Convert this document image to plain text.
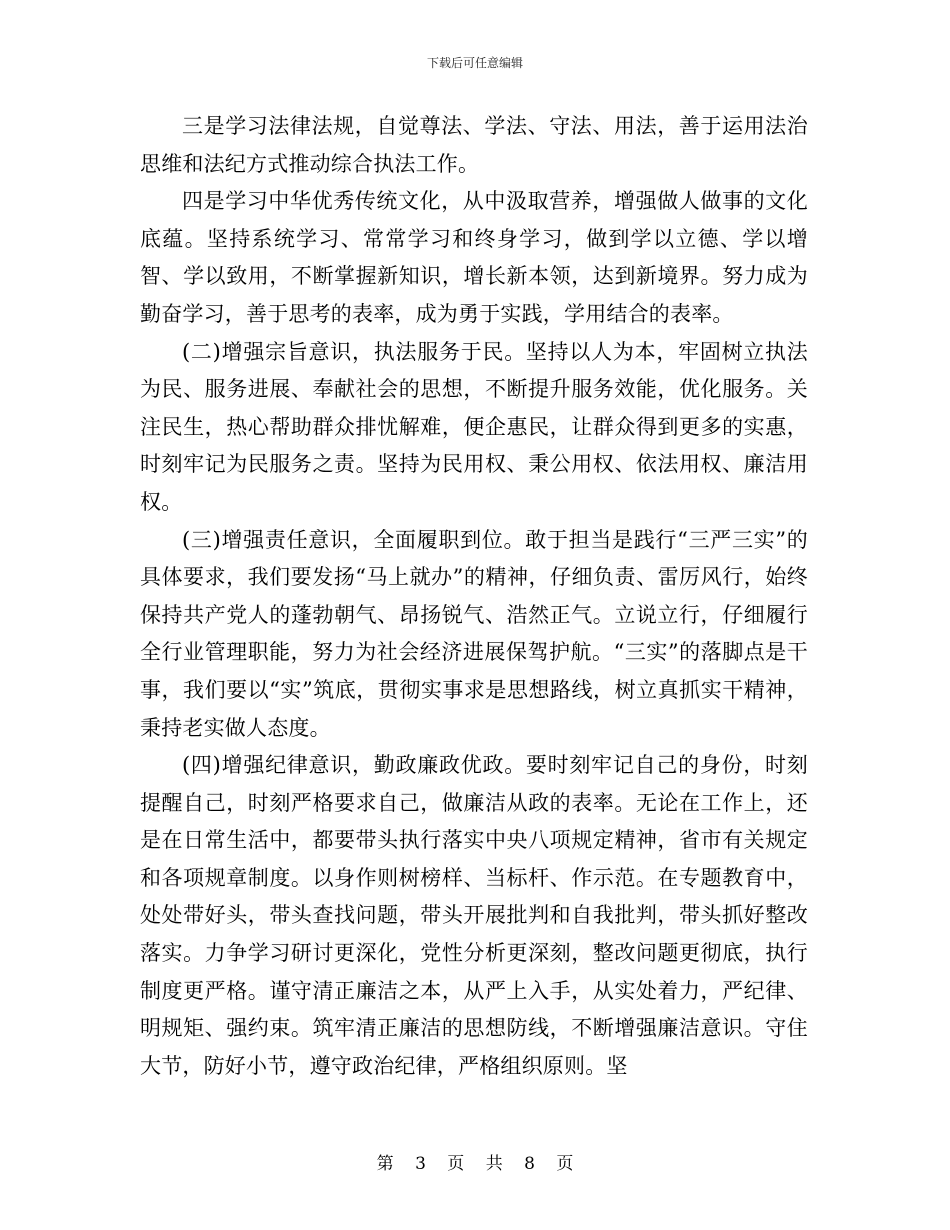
下载后可任意编辑

三是学习法律法规，自觉尊法、学法、守法、用法，善于运用法治思维和法纪方式推动综合执法工作。

四是学习中华优秀传统文化，从中汲取营养，增强做人做事的文化底蕴。坚持系统学习、常常学习和终身学习，做到学以立德、学以增智、学以致用，不断掌握新知识，增长新本领，达到新境界。努力成为勤奋学习，善于思考的表率，成为勇于实践，学用结合的表率。

(二)增强宗旨意识，执法服务于民。坚持以人为本，牢固树立执法为民、服务进展、奉献社会的思想，不断提升服务效能，优化服务。关注民生，热心帮助群众排忧解难，便企惠民，让群众得到更多的实惠，时刻牢记为民服务之责。坚持为民用权、秉公用权、依法用权、廉洁用权。

(三)增强责任意识，全面履职到位。敢于担当是践行“三严三实”的具体要求，我们要发扬“马上就办”的精神，仔细负责、雷厉风行，始终保持共产党人的蓬勃朝气、昂扬锐气、浩然正气。立说立行，仔细履行全行业管理职能，努力为社会经济进展保驾护航。“三实”的落脚点是干事，我们要以“实”筑底，贯彻实事求是思想路线，树立真抓实干精神，秉持老实做人态度。

(四)增强纪律意识，勤政廉政优政。要时刻牢记自己的身份，时刻提醒自己，时刻严格要求自己，做廉洁从政的表率。无论在工作上，还是在日常生活中，都要带头执行落实中央八项规定精神，省市有关规定和各项规章制度。以身作则树榜样、当标杆、作示范。在专题教育中，处处带好头，带头查找问题，带头开展批判和自我批判，带头抓好整改落实。力争学习研讨更深化，党性分析更深刻，整改问题更彻底，执行制度更严格。谨守清正廉洁之本，从严上入手，从实处着力，严纪律、明规矩、强约束。筑牢清正廉洁的思想防线，不断增强廉洁意识。守住大节，防好小节，遵守政治纪律，严格组织原则。坚

第 3 页 共 8 页
